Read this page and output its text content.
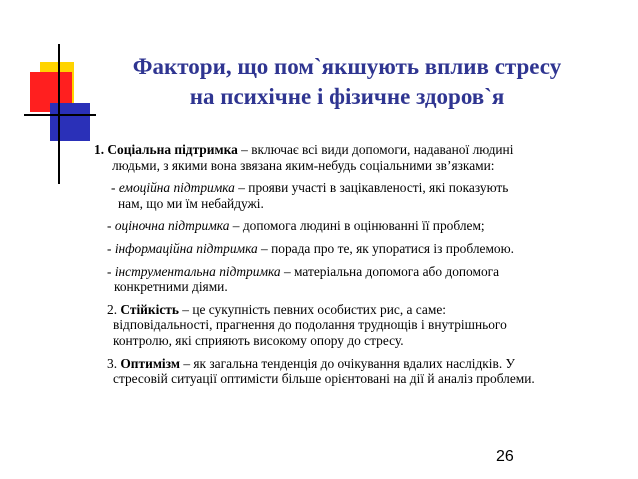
Фактори, що пом`якшують вплив стресу
на психічне і фізичне здоров`я
1. Соціальна підтримка – включає всі види допомоги, надаваної людині
людьми, з якими вона звязана яким-небудь соціальними зв’язками:
- емоційна підтримка – прояви участі в зацікавленості, які показують
нам, що ми їм небайдужі.
- оціночна підтримка – допомога людині в оцінюванні її проблем;
- інформаційна підтримка – порада про те, як упоратися із проблемою.
- інструментальна підтримка – матеріальна допомога або допомога
конкретними діями.
2. Стійкість – це сукупність певних особистих рис, а саме:
відповідальності, прагнення до подолання труднощів і внутрішнього
контролю, які сприяють високому опору до стресу.
3. Оптимізм – як загальна тенденція до очікування вдалих наслідків. У
стресовій ситуації оптимісти більше орієнтовані на дії й аналіз проблеми.
26
